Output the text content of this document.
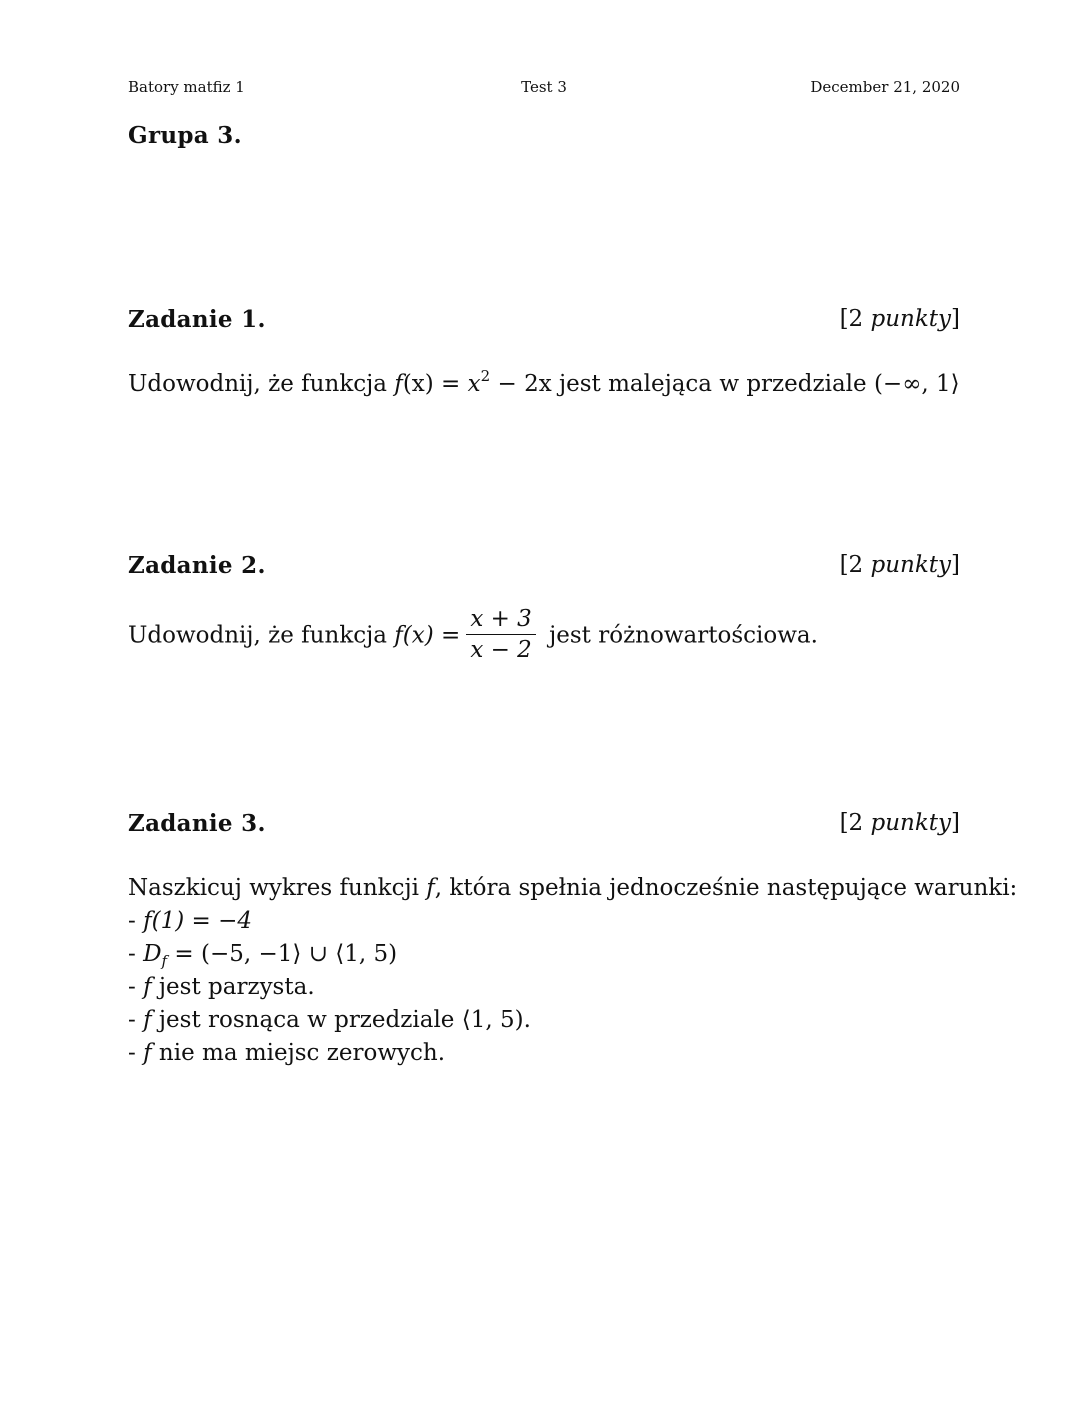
Batory matfiz 1	Test 3	December 21, 2020
Grupa 3.
Zadanie 1.	[2 punkty]
Udowodnij, że funkcja $f(x) = x^2 - 2x$ jest malejąca w przedziale (−∞, 1⟩
Zadanie 2.	[2 punkty]
Udowodnij, że funkcja $f(x) = \frac{x + 3}{x - 2}$ jest różnowartościowa.
Zadanie 3.	[2 punkty]
Naszkicuj wykres funkcji f, która spełnia jednocześnie następujące warunki:
- f(1) = −4
- $D_f = (-5$, −1⟩ ∪ ⟨1, 5)
- f jest parzysta.
- f jest rosnąca w przedziale ⟨1, 5).
- f nie ma miejsc zerowych.
